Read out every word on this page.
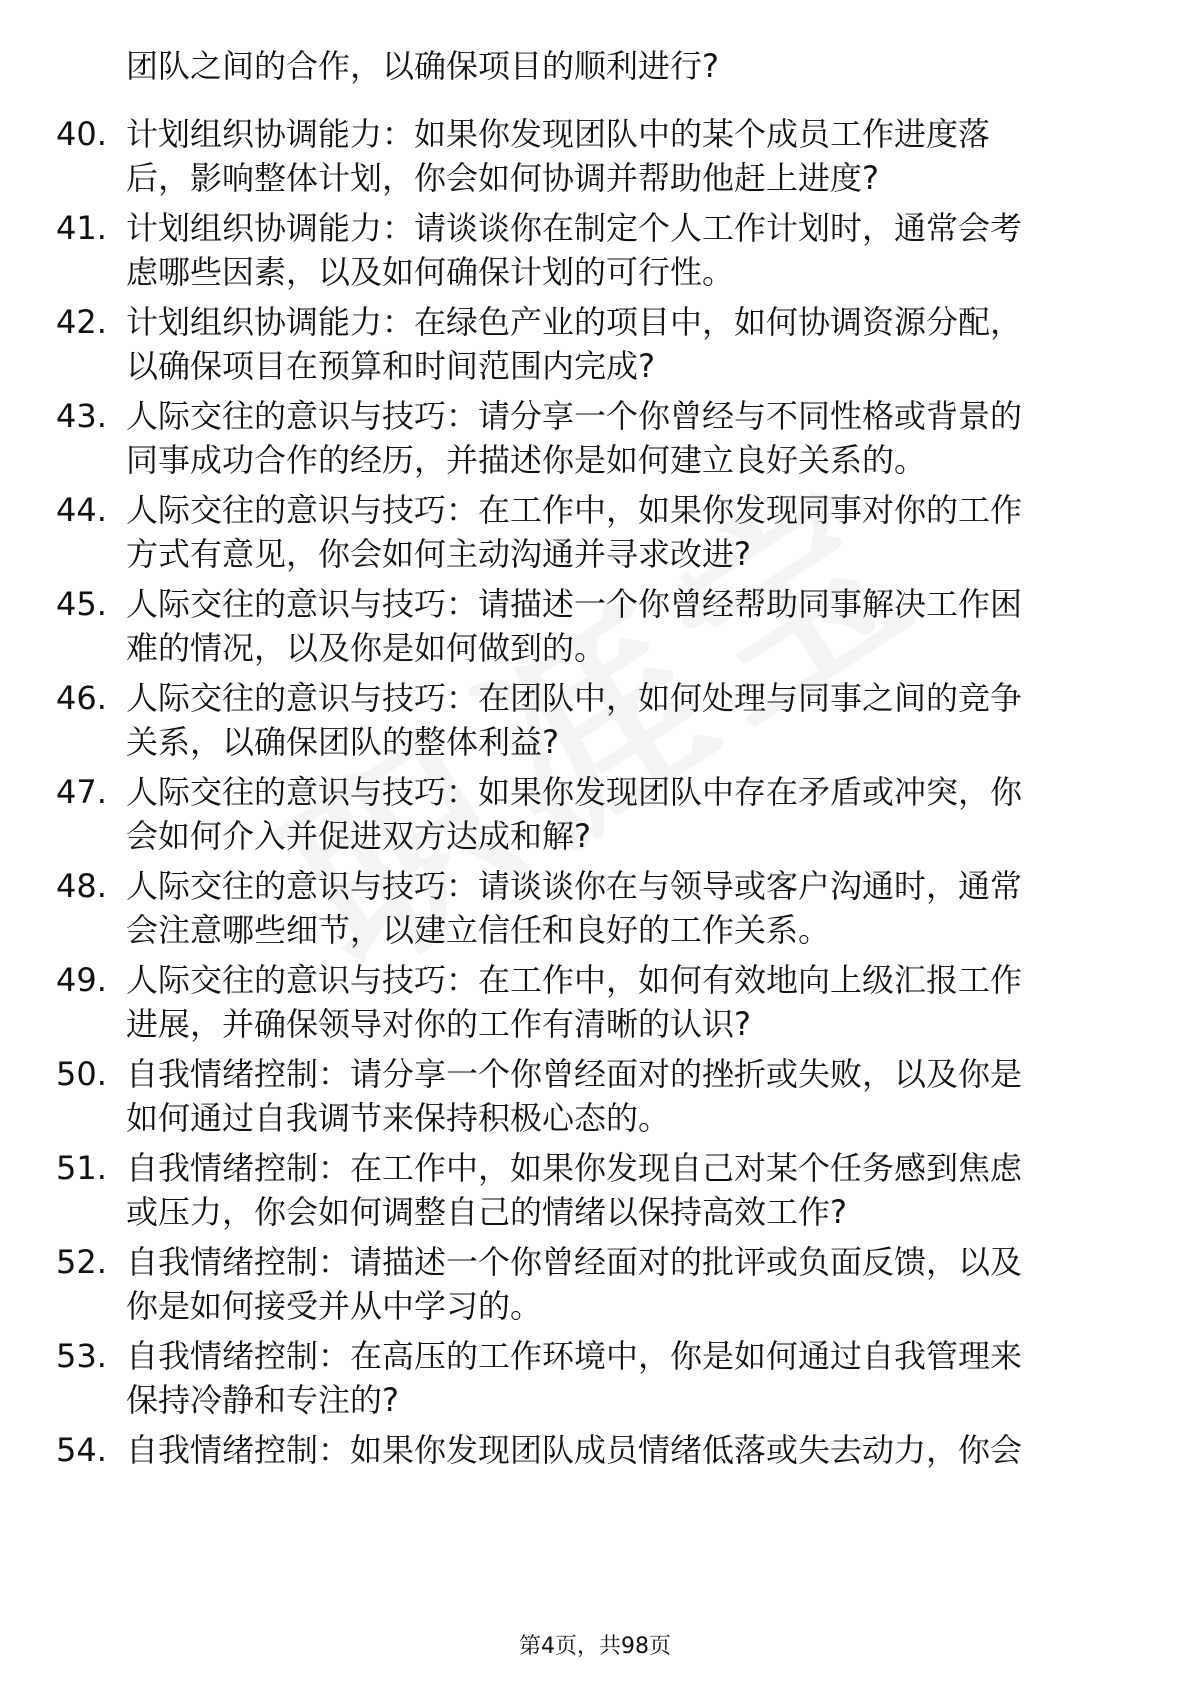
团队之间的合作，以确保项目的顺利进行?
40. 计划组织协调能力：如果你发现团队中的某个成员工作进度落
后，影响整体计划，你会如何协调并帮助他赶上进度?
41. 计划组织协调能力：请谈谈你在制定个人工作计划时，通常会考
虑哪些因素，以及如何确保计划的可行性。
42. 计划组织协调能力：在绿色产业的项目中，如何协调资源分配，
以确保项目在预算和时间范围内完成?
43. 人际交往的意识与技巧：请分享一个你曾经与不同性格或背景的
同事成功合作的经历，并描述你是如何建立良好关系的。
44. 人际交往的意识与技巧：在工作中，如果你发现同事对你的工作
方式有意见，你会如何主动沟通并寻求改进?
45. 人际交往的意识与技巧：请描述一个你曾经帮助同事解决工作困
难的情况，以及你是如何做到的。
46. 人际交往的意识与技巧：在团队中，如何处理与同事之间的竞争
关系，以确保团队的整体利益?
47. 人际交往的意识与技巧：如果你发现团队中存在矛盾或冲突，你
会如何介入并促进双方达成和解?
48. 人际交往的意识与技巧：请谈谈你在与领导或客户沟通时，通常
会注意哪些细节，以建立信任和良好的工作关系。
49. 人际交往的意识与技巧：在工作中，如何有效地向上级汇报工作
进展，并确保领导对你的工作有清晰的认识?
50. 自我情绪控制：请分享一个你曾经面对的挫折或失败，以及你是
如何通过自我调节来保持积极心态的。
51. 自我情绪控制：在工作中，如果你发现自己对某个任务感到焦虑
或压力，你会如何调整自己的情绪以保持高效工作?
52. 自我情绪控制：请描述一个你曾经面对的批评或负面反馈，以及
你是如何接受并从中学习的。
53. 自我情绪控制：在高压的工作环境中，你是如何通过自我管理来
保持冷静和专注的?
54. 自我情绪控制：如果你发现团队成员情绪低落或失去动力，你会
第4页，共98页
